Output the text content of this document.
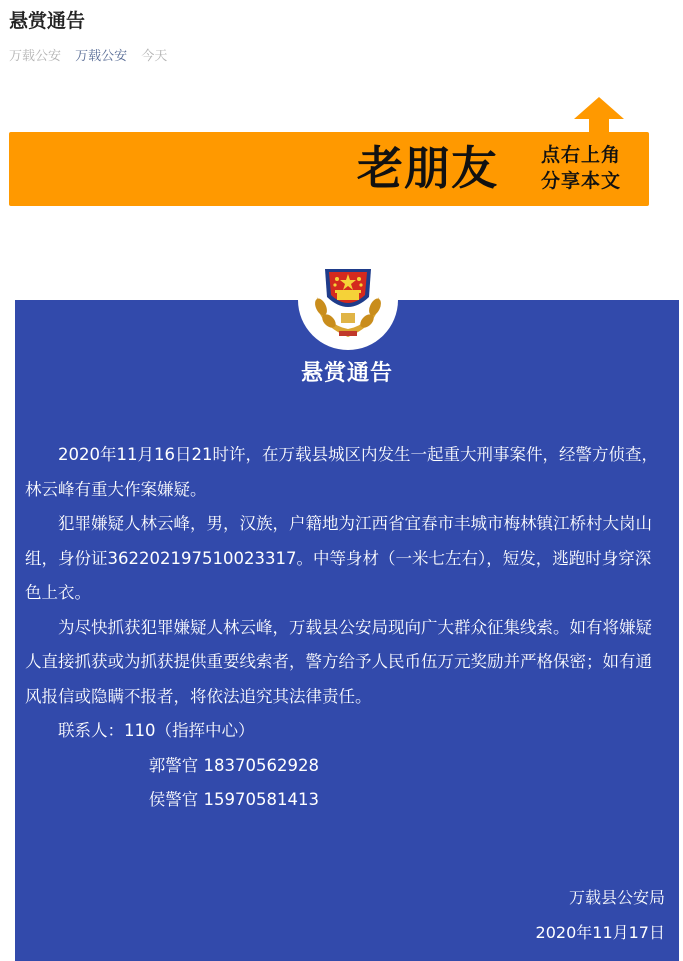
悬赏通告
万载公安 万载公安 今天
老朋友 点右上角
分享本文
悬赏通告

2020年11月16日21时许，在万载县城区内发生一起重大刑事案件，经警方侦查，林云峰有重大作案嫌疑。

犯罪嫌疑人林云峰，男，汉族，户籍地为江西省宜春市丰城市梅林镇江桥村大岗山组，身份证362202197510023317。中等身材（一米七左右），短发，逃跑时身穿深色上衣。

为尽快抓获犯罪嫌疑人林云峰，万载县公安局现向广大群众征集线索。如有将嫌疑人直接抓获或为抓获提供重要线索者，警方给予人民币伍万元奖励并严格保密；如有通风报信或隐瞒不报者，将依法追究其法律责任。

联系人：110（指挥中心）
郭警官 18370562928
侯警官 15970581413
万载县公安局
2020年11月17日
